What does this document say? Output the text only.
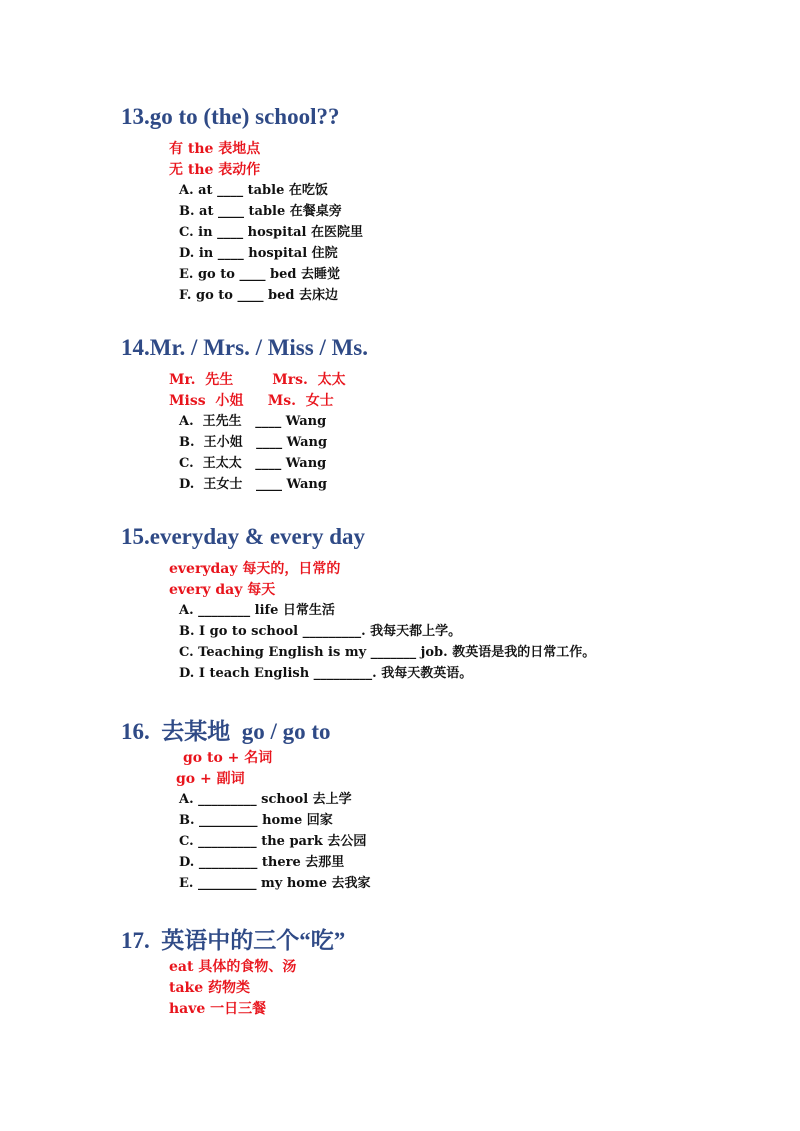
13.go to (the) school??
有 the 表地点
无 the 表动作
A. at ____ table 在吃饭
B. at ____ table 在餐桌旁
C. in ____ hospital 在医院里
D. in ____ hospital 住院
E. go to ____ bed 去睡觉
F. go to ____ bed 去床边
14.Mr. / Mrs. / Miss / Ms.
Mr.  先生        Mrs.  太太
Miss  小姐     Ms.  女士
A.  王先生   ____ Wang
B.  王小姐   ____ Wang
C.  王太太   ____ Wang
D.  王女士   ____ Wang
15.everyday & every day
everyday 每天的，日常的
every day 每天
A. ________ life 日常生活
B. I go to school _________. 我每天都上学。
C. Teaching English is my _______ job. 教英语是我的日常工作。
D. I teach English _________. 我每天教英语。
16.  去某地  go / go to
go to + 名词
go + 副词
A. _________ school 去上学
B. _________ home 回家
C. _________ the park 去公园
D. _________ there 去那里
E. _________ my home 去我家
17.  英语中的三个“吃”
eat 具体的食物、汤
take 药物类
have 一日三餐
